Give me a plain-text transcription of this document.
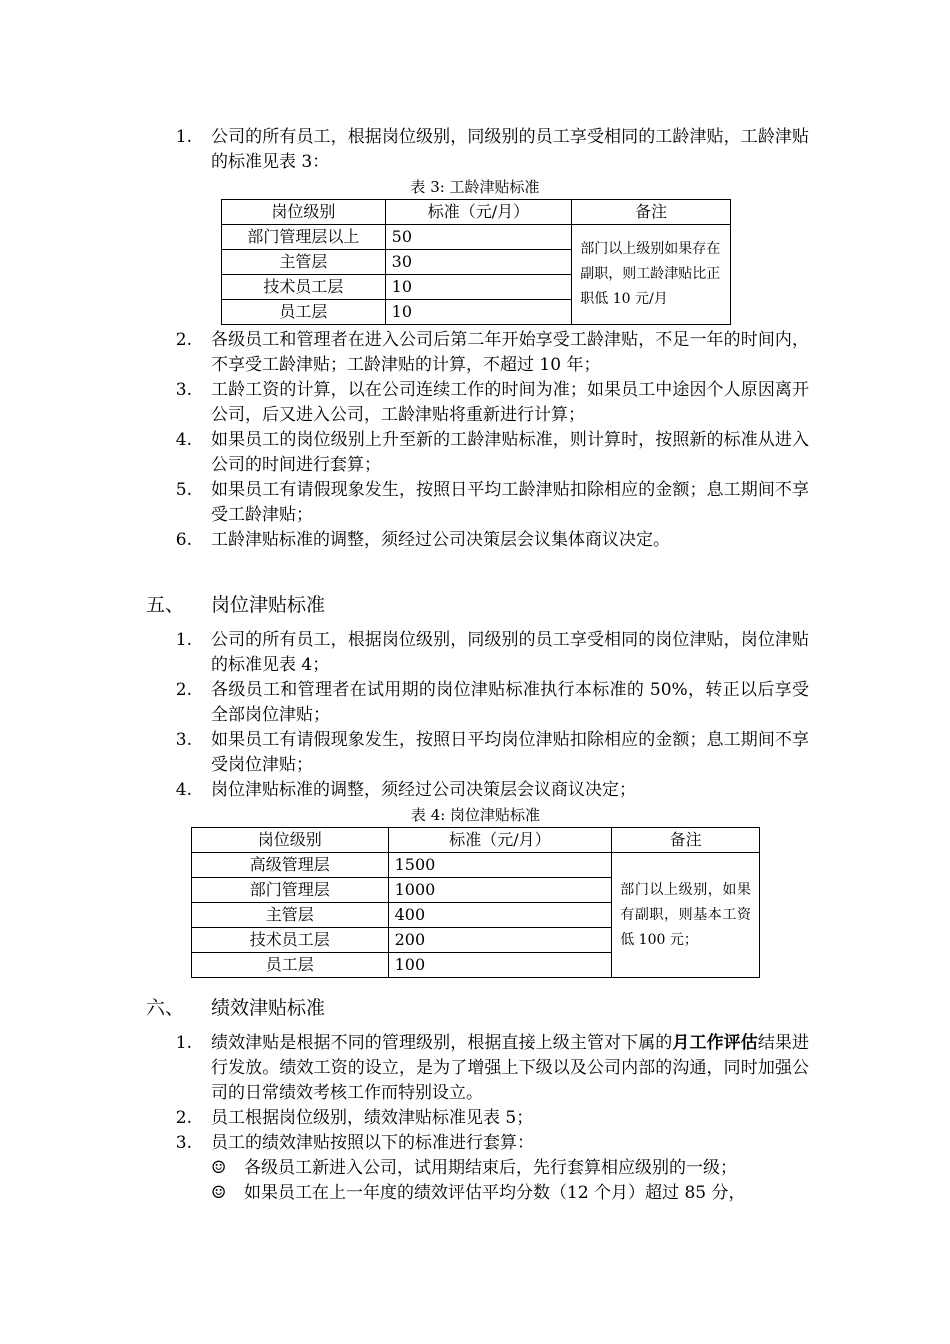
1. 公司的所有员工，根据岗位级别，同级别的员工享受相同的工龄津贴，工龄津贴的标准见表 3：
表 3: 工龄津贴标准
岗位级别	标准（元/月）	备注
部门管理层以上	50	部门以上级别如果存在副职，则工龄津贴比正职低 10 元/月
主管层	30	
技术员工层	10	
员工层	10	
2. 各级员工和管理者在进入公司后第二年开始享受工龄津贴，不足一年的时间内，不享受工龄津贴；工龄津贴的计算，不超过 10 年；
3. 工龄工资的计算，以在公司连续工作的时间为准；如果员工中途因个人原因离开公司，后又进入公司，工龄津贴将重新进行计算；
4. 如果员工的岗位级别上升至新的工龄津贴标准，则计算时，按照新的标准从进入公司的时间进行套算；
5. 如果员工有请假现象发生，按照日平均工龄津贴扣除相应的金额；息工期间不享受工龄津贴；
6. 工龄津贴标准的调整，须经过公司决策层会议集体商议决定。
五、 岗位津贴标准
1. 公司的所有员工，根据岗位级别，同级别的员工享受相同的岗位津贴，岗位津贴的标准见表 4；
2. 各级员工和管理者在试用期的岗位津贴标准执行本标准的 50%，转正以后享受全部岗位津贴；
3. 如果员工有请假现象发生，按照日平均岗位津贴扣除相应的金额；息工期间不享受岗位津贴；
4. 岗位津贴标准的调整，须经过公司决策层会议商议决定；
表 4: 岗位津贴标准
岗位级别	标准（元/月）	备注
高级管理层	1500	部门以上级别，如果有副职，则基本工资低 100 元；
部门管理层	1000	
主管层	400	
技术员工层	200	
员工层	100	
六、 绩效津贴标准
1. 绩效津贴是根据不同的管理级别，根据直接上级主管对下属的月工作评估结果进行发放。绩效工资的设立，是为了增强上下级以及公司内部的沟通，同时加强公司的日常绩效考核工作而特别设立。
2. 员工根据岗位级别，绩效津贴标准见表 5；
3. 员工的绩效津贴按照以下的标准进行套算：
☺ 各级员工新进入公司，试用期结束后，先行套算相应级别的一级；
☺ 如果员工在上一年度的绩效评估平均分数（12 个月）超过 85 分，
